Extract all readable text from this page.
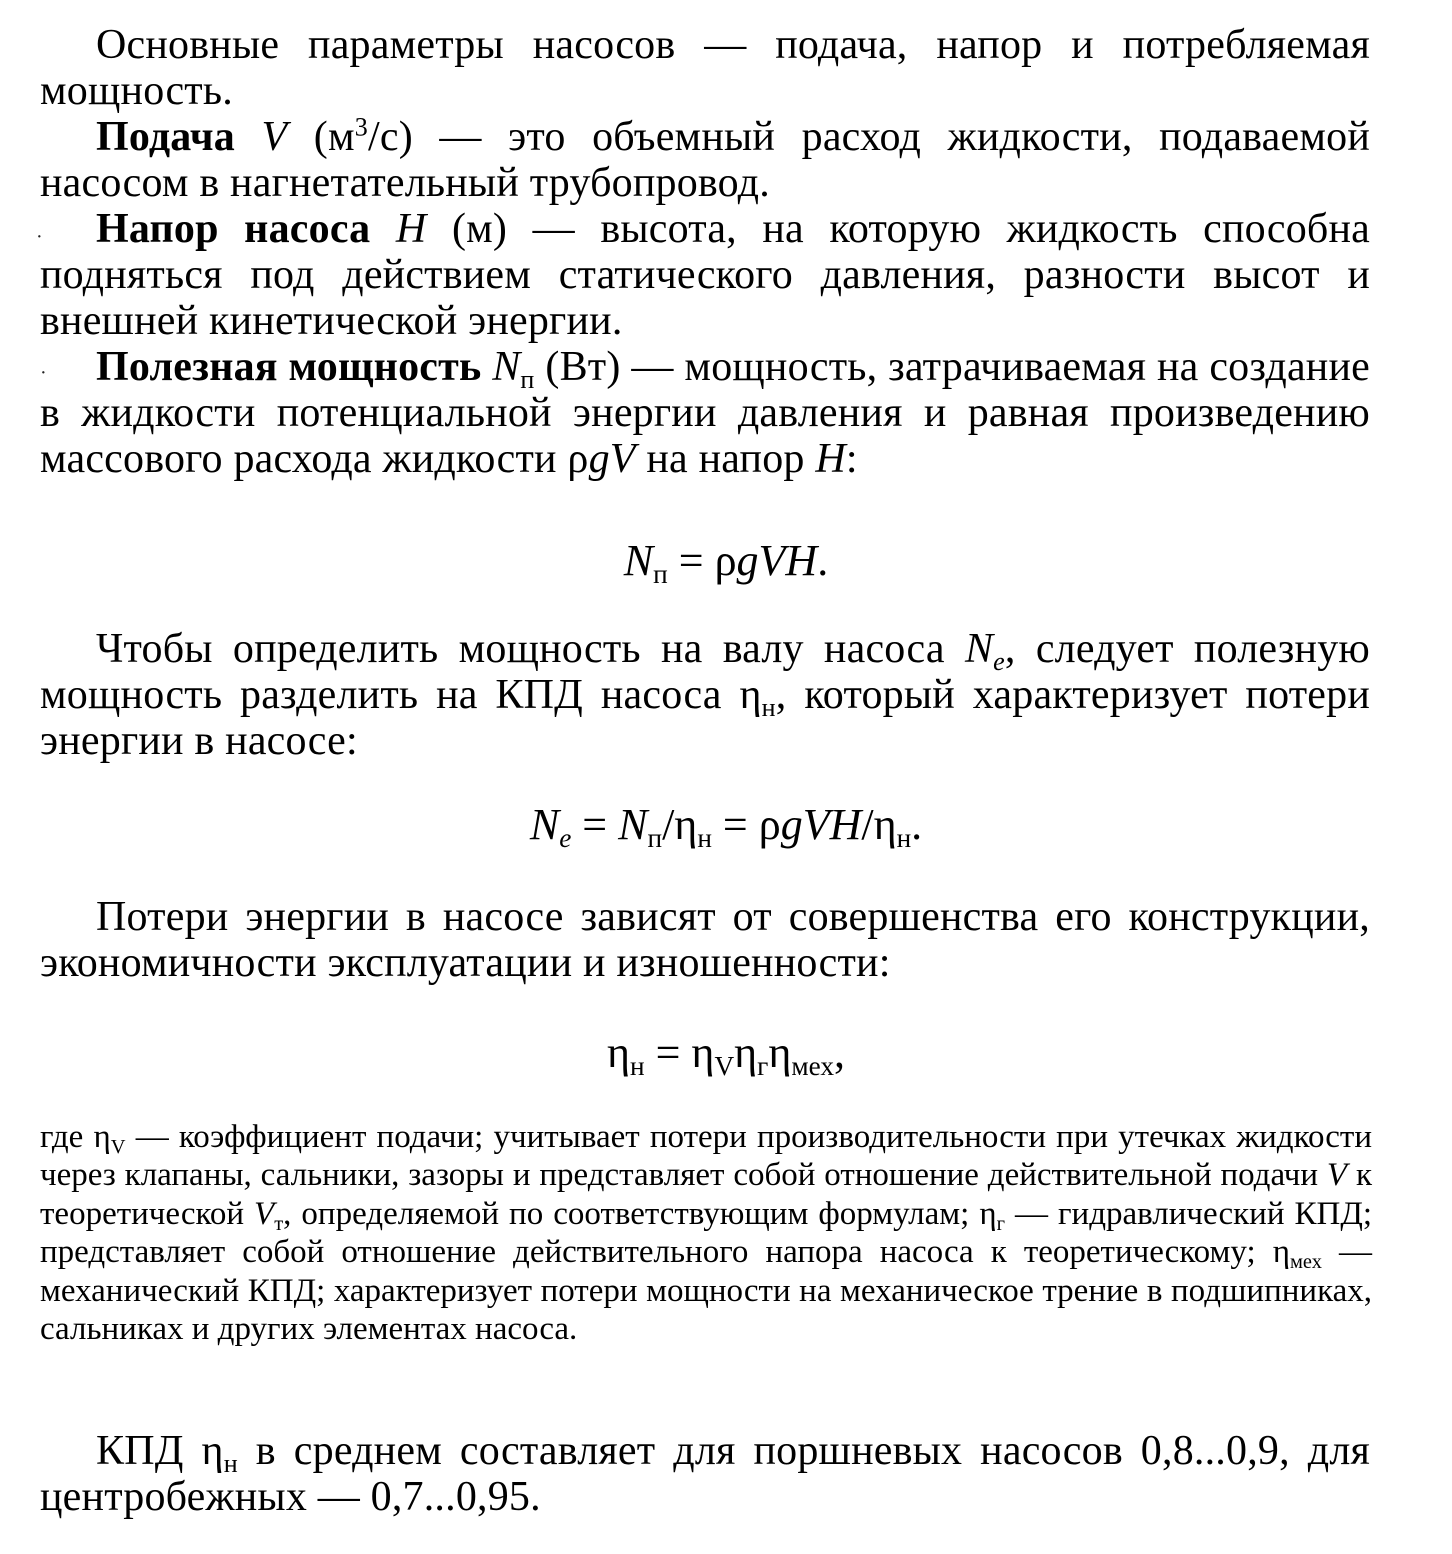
Основные параметры насосов — подача, напор и потребляемая мощность.

Подача V $(м^3/с)$ — это объемный расход жидкости, подаваемой насосом в нагнетательный трубопровод.

Напор насоса H (м) — высота, на которую жидкость способна подняться под действием статического давления, разности высот и внешней кинетической энергии.

Полезная мощность $N_п$ (Вт) — мощность, затрачиваемая на создание в жидкости потенциальной энергии давления и равная произведению массового расхода жидкости ρgV на напор H:

$N_п = \rho gVH$.

Чтобы определить мощность на валу насоса $N_e$, следует полезную мощность разделить на КПД насоса $\eta_н$, который характеризует потери энергии в насосе:

$N_e = N_п/\eta_н = \rho gVH/\eta_н$.

Потери энергии в насосе зависят от совершенства его конструкции, экономичности эксплуатации и изношенности:

$\eta_н = \eta_V\eta_г\eta_{мех}$,

где $\eta_V$ — коэффициент подачи; учитывает потери производительности при утечках жидкости через клапаны, сальники, зазоры и представляет собой отношение действительной подачи V к теоретической $V_т$, определяемой по соответствующим формулам; $\eta_г$ — гидравлический КПД; представляет собой отношение действительного напора насоса к теоретическому; $\eta_{мех}$ — механический КПД; характеризует потери мощности на механическое трение в подшипниках, сальниках и других элементах насоса.

КПД $\eta_н$ в среднем составляет для поршневых насосов 0,8...0,9, для центробежных — 0,7...0,95.

·
·
